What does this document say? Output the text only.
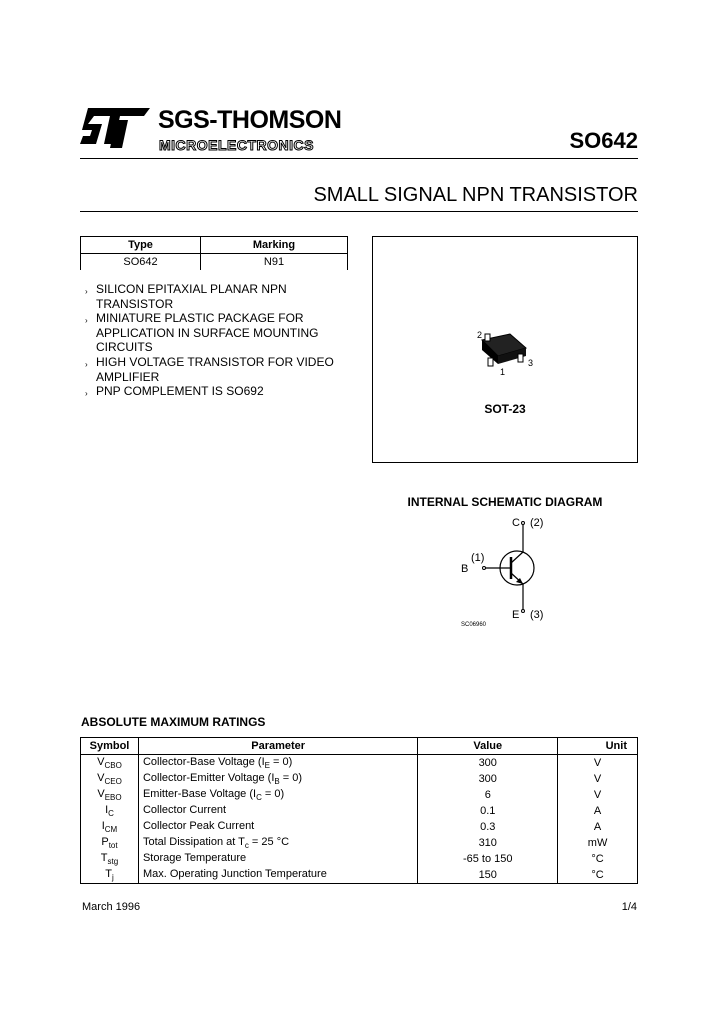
SGS-THOMSON
MICROELECTRONICS	SO642
SMALL SIGNAL NPN TRANSISTOR
Type	Marking
SO642	N91
› SILICON EPITAXIAL PLANAR NPN TRANSISTOR
› MINIATURE PLASTIC PACKAGE FOR APPLICATION IN SURFACE MOUNTING CIRCUITS
› HIGH VOLTAGE TRANSISTOR FOR VIDEO AMPLIFIER
› PNP COMPLEMENT IS SO692
2
1
3
SOT-23
INTERNAL SCHEMATIC DIAGRAM
C (2)
(1)
B
E (3)
SC06960
ABSOLUTE MAXIMUM RATINGS
Symbol	Parameter	Value	Unit
$V_{CBO}$	Collector-Base Voltage $(I_E = 0)$	300	V
$V_{CEO}$	Collector-Emitter Voltage $(I_B = 0)$	300	V
$V_{EBO}$	Emitter-Base Voltage $(I_C = 0)$	6	V
$I_C$	Collector Current	0.1	A
$I_{CM}$	Collector Peak Current	0.3	A
$P_{tot}$	Total Dissipation at $T_c = 25$ °C	310	mW
$T_{stg}$	Storage Temperature	-65 to 150	°C
$T_j$	Max. Operating Junction Temperature	150	°C
March 1996	1/4
